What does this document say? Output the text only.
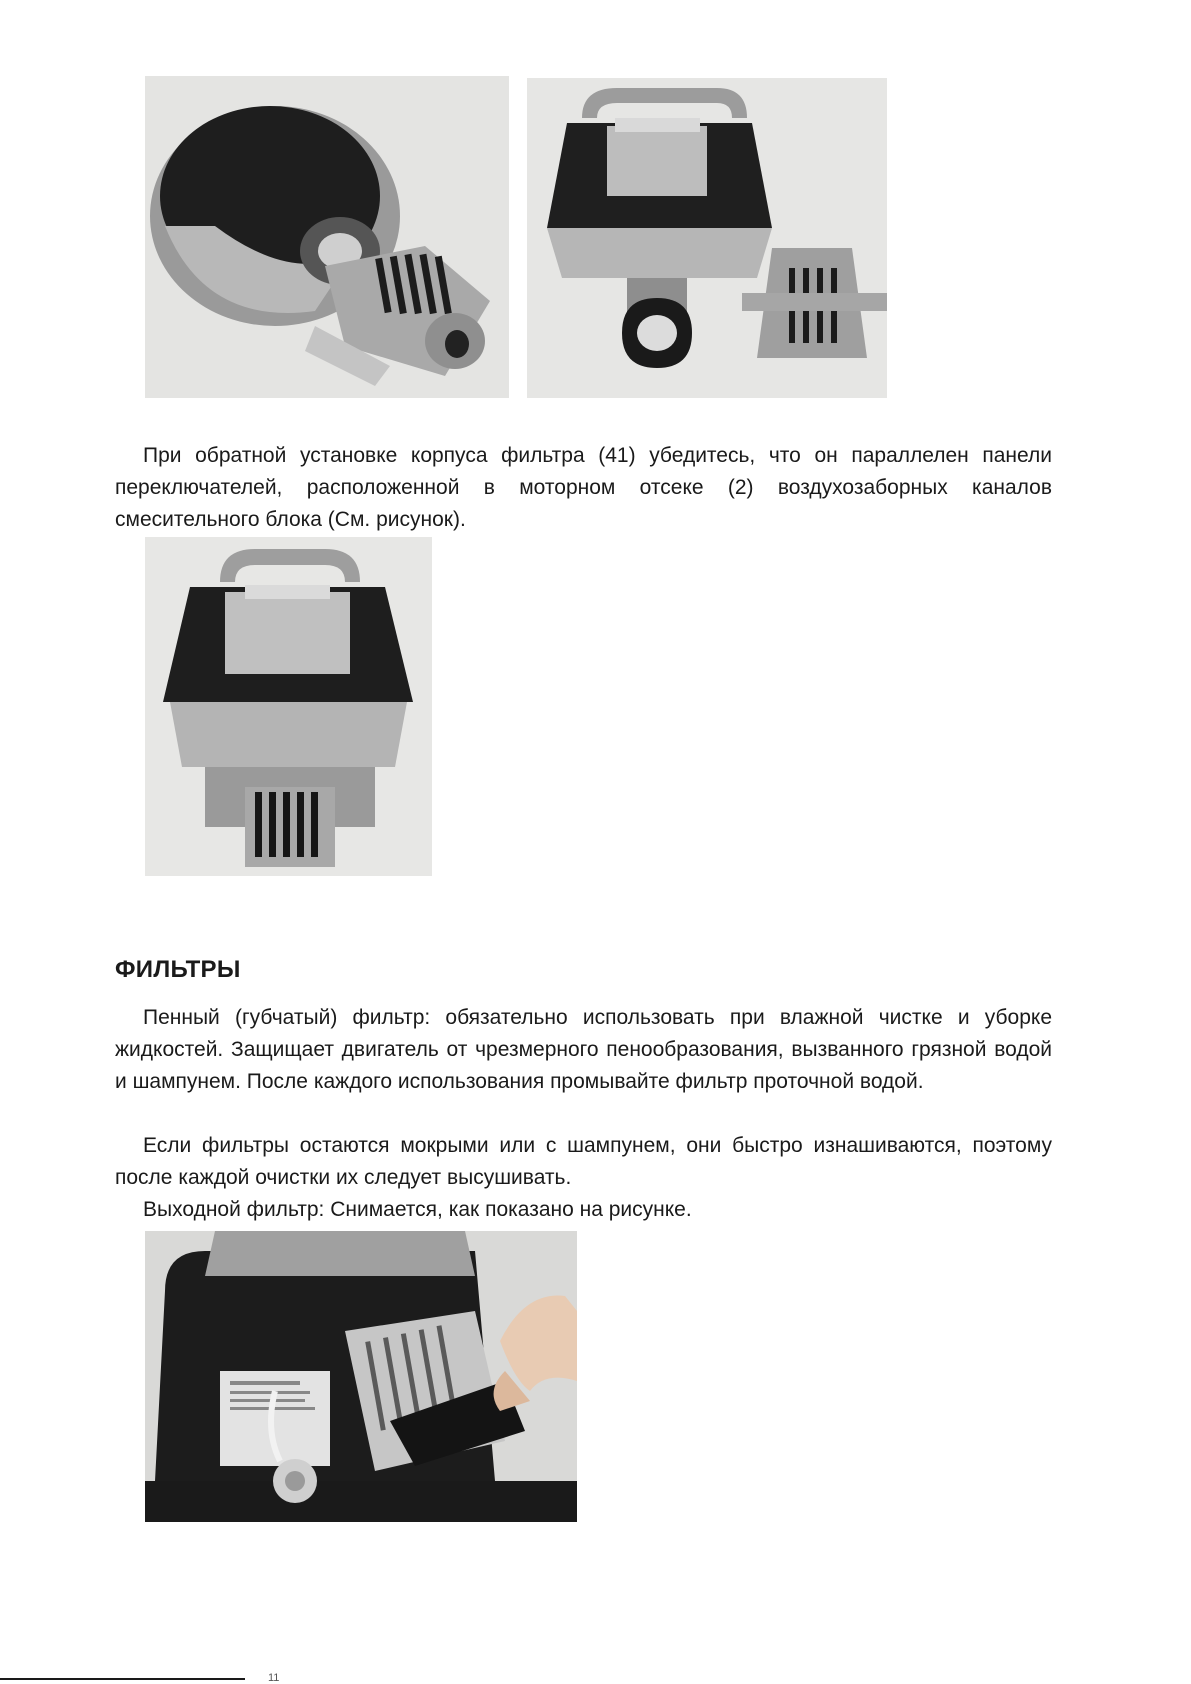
При обратной установке корпуса фильтра (41) убедитесь, что он параллелен панели переключателей, расположенной в моторном отсеке (2) воздухозаборных каналов смесительного блока (См. рисунок).

ФИЛЬТРЫ

Пенный (губчатый) фильтр: обязательно использовать при влажной чистке и уборке жидкостей. Защищает двигатель от чрезмерного пенообразования, вызванного грязной водой и шампунем. После каждого использования промывайте фильтр проточной водой.

Если фильтры остаются мокрыми или с шампунем, они быстро изнашиваются, поэтому после каждой очистки их следует высушивать.

Выходной фильтр: Снимается, как показано на рисунке.

11
